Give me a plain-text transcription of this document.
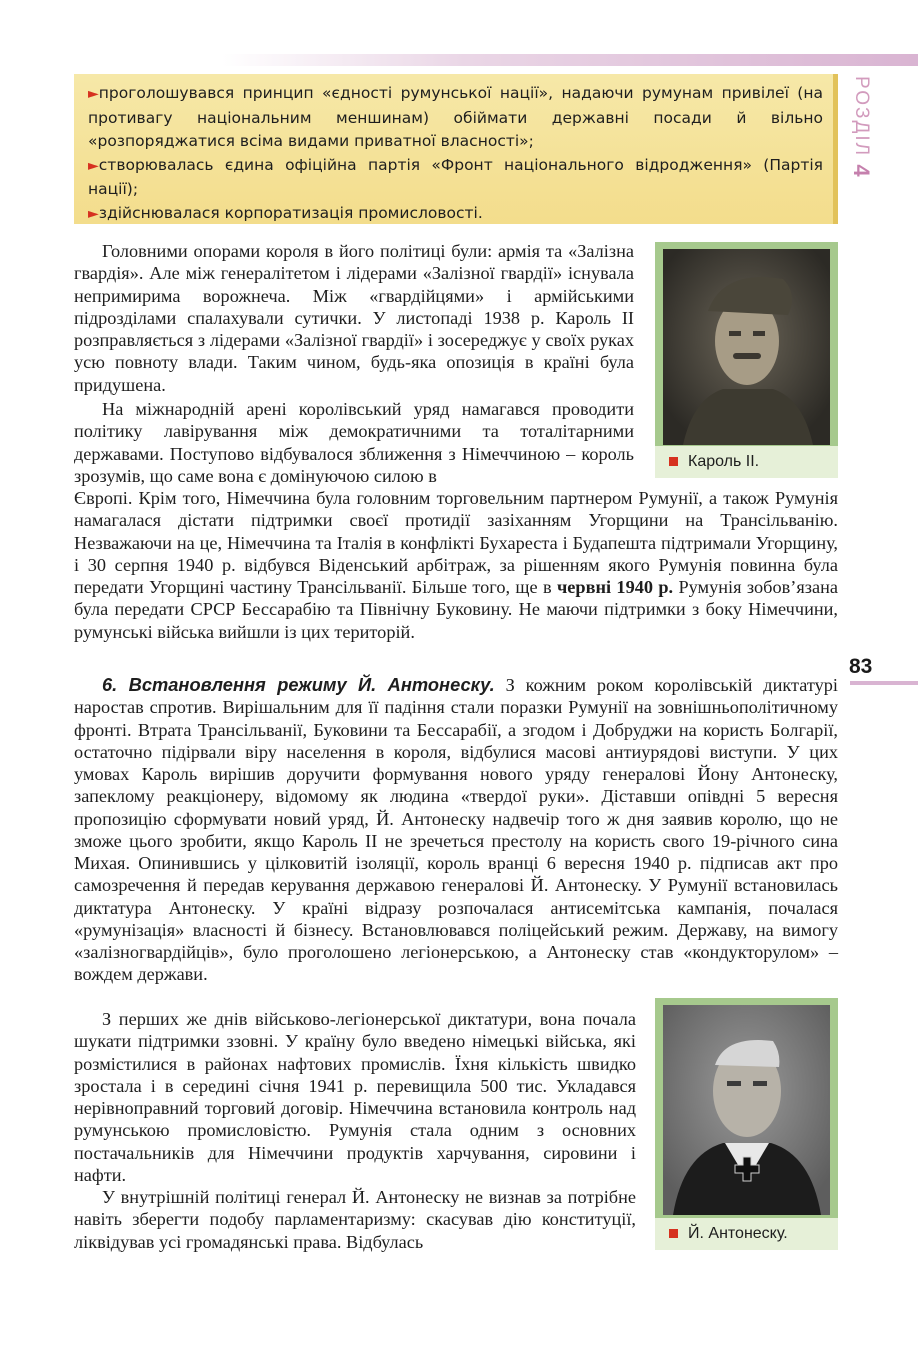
РОЗДІЛ 4
83

►проголошувався принцип «єдності румунської нації», надаючи румунам привілеї (на противагу національним меншинам) обіймати державні посади й вільно «розпоряджатися всіма видами приватної власності»;

►створювалась єдина офіційна партія «Фронт національного відродження» (Партія нації);

►здійснювалася корпоратизація промисловості.

Кароль II.
Й. Антонеску.

Головними опорами короля в його політиці були: армія та «Залізна гвардія». Але між генералітетом і лідерами «Залізної гвардії» існувала непримирима ворожнеча. Між «гвардійцями» і армійськими підрозділами спалахували сутички. У листопаді 1938 р. Кароль II розправляється з лідерами «Залізної гвардії» і зосереджує у своїх руках усю повноту влади. Таким чином, будь-яка опозиція в країні була придушена.

На міжнародній арені королівський уряд намагався проводити політику лавірування між демократичними та тоталітарними державами. Поступово відбувалося зближення з Німеччиною – король зрозумів, що саме вона є домінуючою силою в

Європі. Крім того, Німеччина була головним торговельним партнером Румунії, а також Румунія намагалася дістати підтримки своєї протидії зазіханням Угорщини на Трансільванію. Незважаючи на це, Німеччина та Італія в конфлікті Бухареста і Будапешта підтримали Угорщину, і 30 серпня 1940 р. відбувся Віденський арбітраж, за рішенням якого Румунія повинна була передати Угорщині частину Трансільванії. Більше того, ще в червні 1940 р. Румунія зобов’язана була передати СРСР Бессарабію та Північну Буковину. Не маючи підтримки з боку Німеччини, румунські війська вийшли із цих територій.

6. Встановлення режиму Й. Антонеску. З кожним роком королівській диктатурі наростав спротив. Вирішальним для її падіння стали поразки Румунії на зовнішньополітичному фронті. Втрата Трансільванії, Буковини та Бессарабії, а згодом і Добруджи на користь Болгарії, остаточно підірвали віру населення в короля, відбулися масові антиурядові виступи. У цих умовах Кароль вирішив доручити формування нового уряду генералові Йону Антонеску, запеклому реакціонеру, відомому як людина «твердої руки». Діставши опівдні 5 вересня пропозицію сформувати новий уряд, Й. Антонеску надвечір того ж дня заявив королю, що не зможе цього зробити, якщо Кароль II не зречеться престолу на користь свого 19-річного сина Михая. Опинившись у цілковитій ізоляції, король вранці 6 вересня 1940 р. підписав акт про самозречення й передав керування державою генералові Й. Антонеску. У Румунії встановилась диктатура Антонеску. У країні відразу розпочалася антисемітська кампанія, почалася «румунізація» власності й бізнесу. Встановлювався поліцейський режим. Державу, на вимогу «залізногвардійців», було проголошено легіонерською, а Антонеску став «кондукторулом» – вождем держави.

З перших же днів військово-легіонерської диктатури, вона почала шукати підтримки ззовні. У країну було введено німецькі війська, які розмістилися в районах нафтових промислів. Їхня кількість швидко зростала і в середині січня 1941 р. перевищила 500 тис. Укладався нерівноправний торговий договір. Німеччина встановила контроль над румунською промисловістю. Румунія стала одним з основних постачальників для Німеччини продуктів харчування, сировини і нафти.

У внутрішній політиці генерал Й. Антонеску не визнав за потрібне навіть зберегти подобу парламентаризму: скасував дію конституції, ліквідував усі громадянські права. Відбулась
